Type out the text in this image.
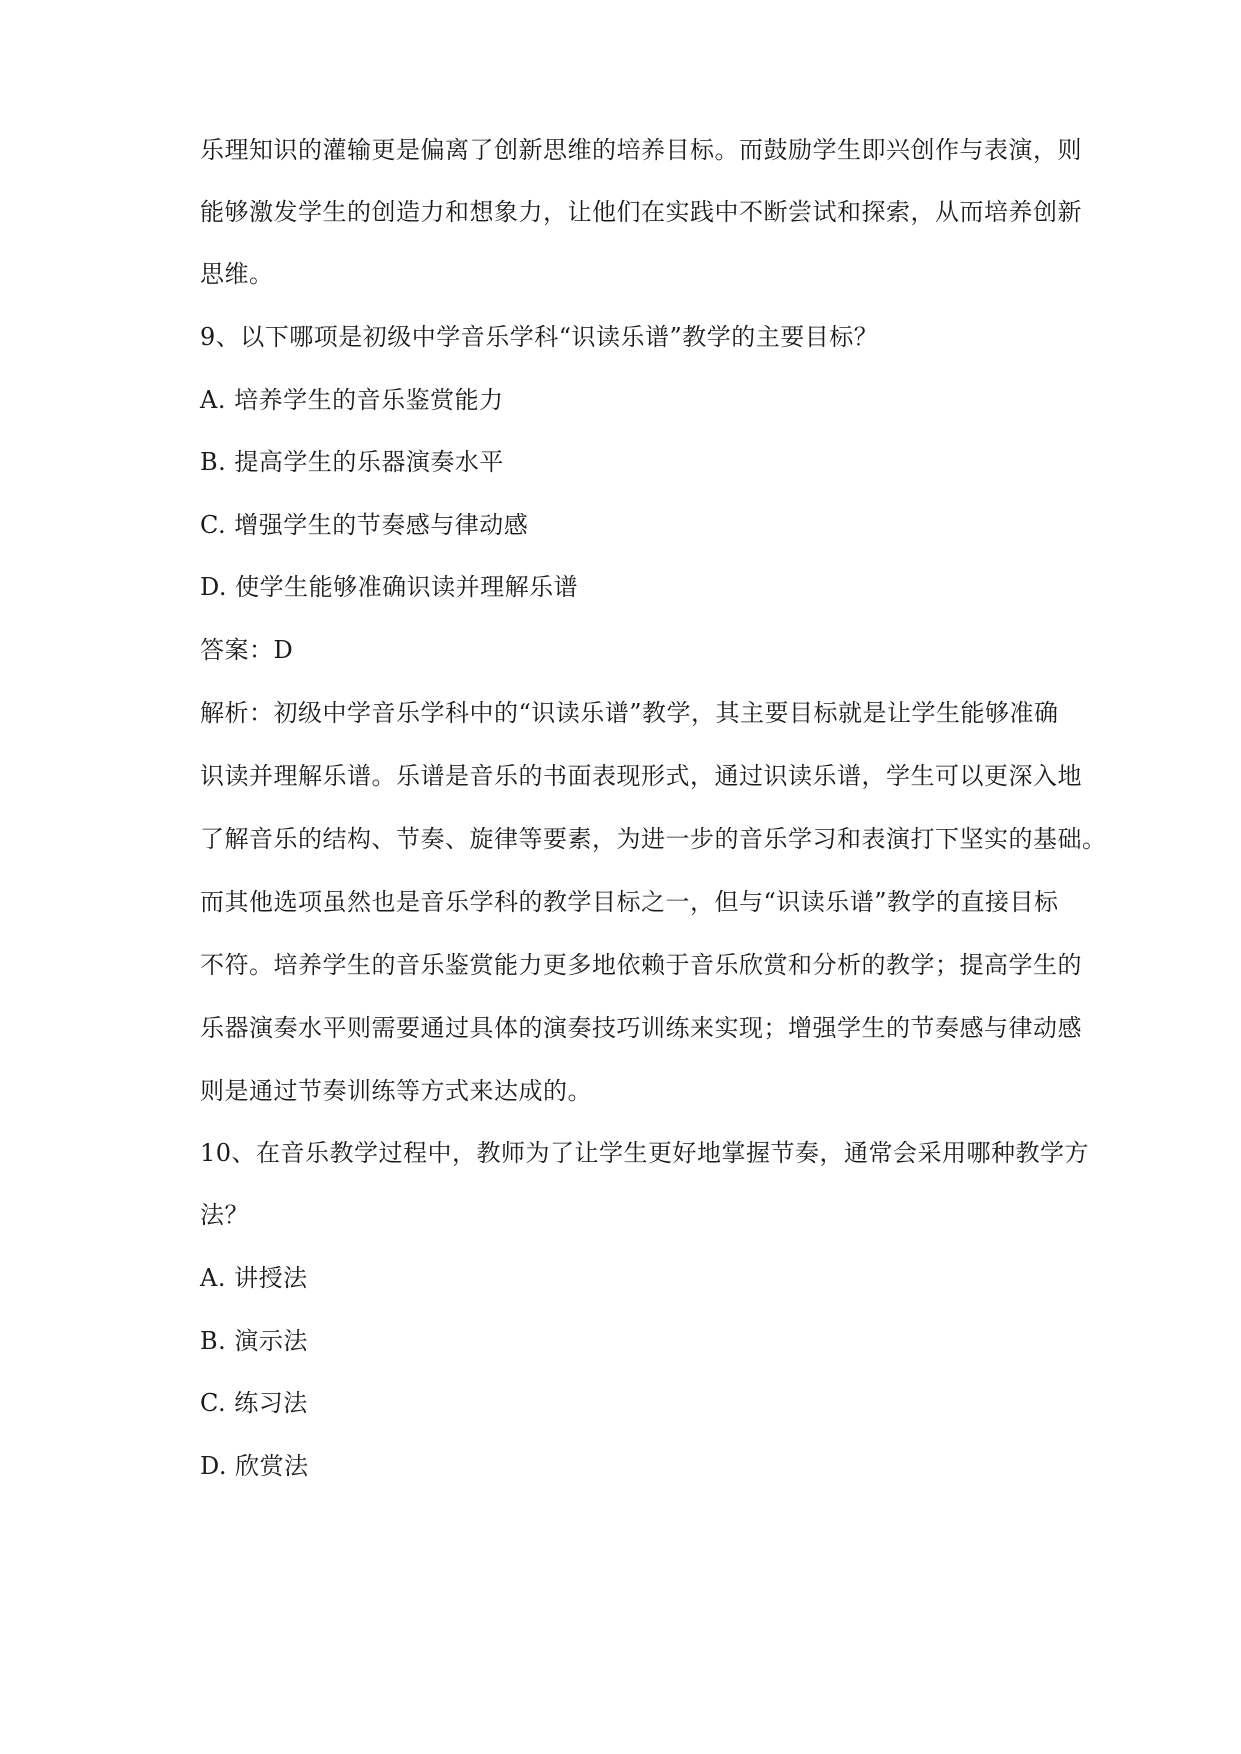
乐理知识的灌输更是偏离了创新思维的培养目标。而鼓励学生即兴创作与表演，则
能够激发学生的创造力和想象力，让他们在实践中不断尝试和探索，从而培养创新
思维。
9、以下哪项是初级中学音乐学科“识读乐谱”教学的主要目标？
A. 培养学生的音乐鉴赏能力
B. 提高学生的乐器演奏水平
C. 增强学生的节奏感与律动感
D. 使学生能够准确识读并理解乐谱
答案：D
解析：初级中学音乐学科中的“识读乐谱”教学，其主要目标就是让学生能够准确
识读并理解乐谱。乐谱是音乐的书面表现形式，通过识读乐谱，学生可以更深入地
了解音乐的结构、节奏、旋律等要素，为进一步的音乐学习和表演打下坚实的基础。
而其他选项虽然也是音乐学科的教学目标之一，但与“识读乐谱”教学的直接目标
不符。培养学生的音乐鉴赏能力更多地依赖于音乐欣赏和分析的教学；提高学生的
乐器演奏水平则需要通过具体的演奏技巧训练来实现；增强学生的节奏感与律动感
则是通过节奏训练等方式来达成的。
10、在音乐教学过程中，教师为了让学生更好地掌握节奏，通常会采用哪种教学方
法？
A. 讲授法
B. 演示法
C. 练习法
D. 欣赏法
